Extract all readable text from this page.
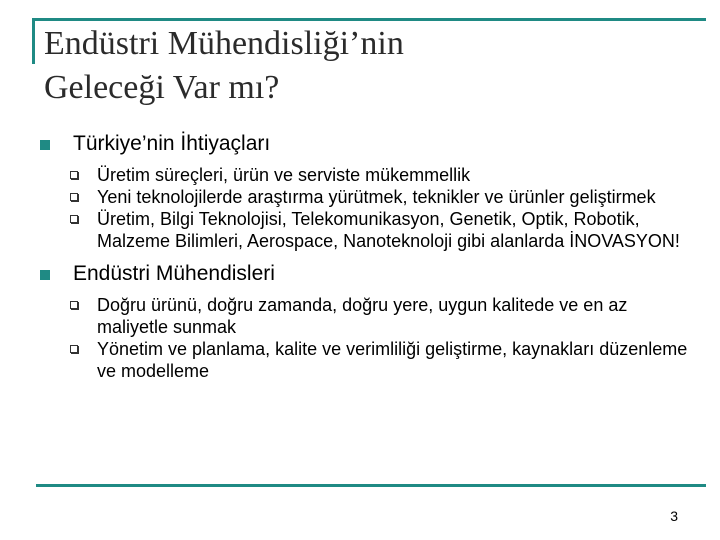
Endüstri Mühendisliği’nin
Geleceği Var mı?
Türkiye’nin İhtiyaçları
Üretim süreçleri, ürün ve serviste mükemmellik
Yeni teknolojilerde araştırma yürütmek, teknikler ve ürünler geliştirmek
Üretim, Bilgi Teknolojisi, Telekomunikasyon, Genetik, Optik, Robotik, Malzeme Bilimleri, Aerospace, Nanoteknoloji gibi alanlarda İNOVASYON!
Endüstri Mühendisleri
Doğru ürünü, doğru zamanda, doğru yere, uygun kalitede ve en az maliyetle sunmak
Yönetim ve planlama, kalite ve verimliliği geliştirme, kaynakları düzenleme ve modelleme
3
